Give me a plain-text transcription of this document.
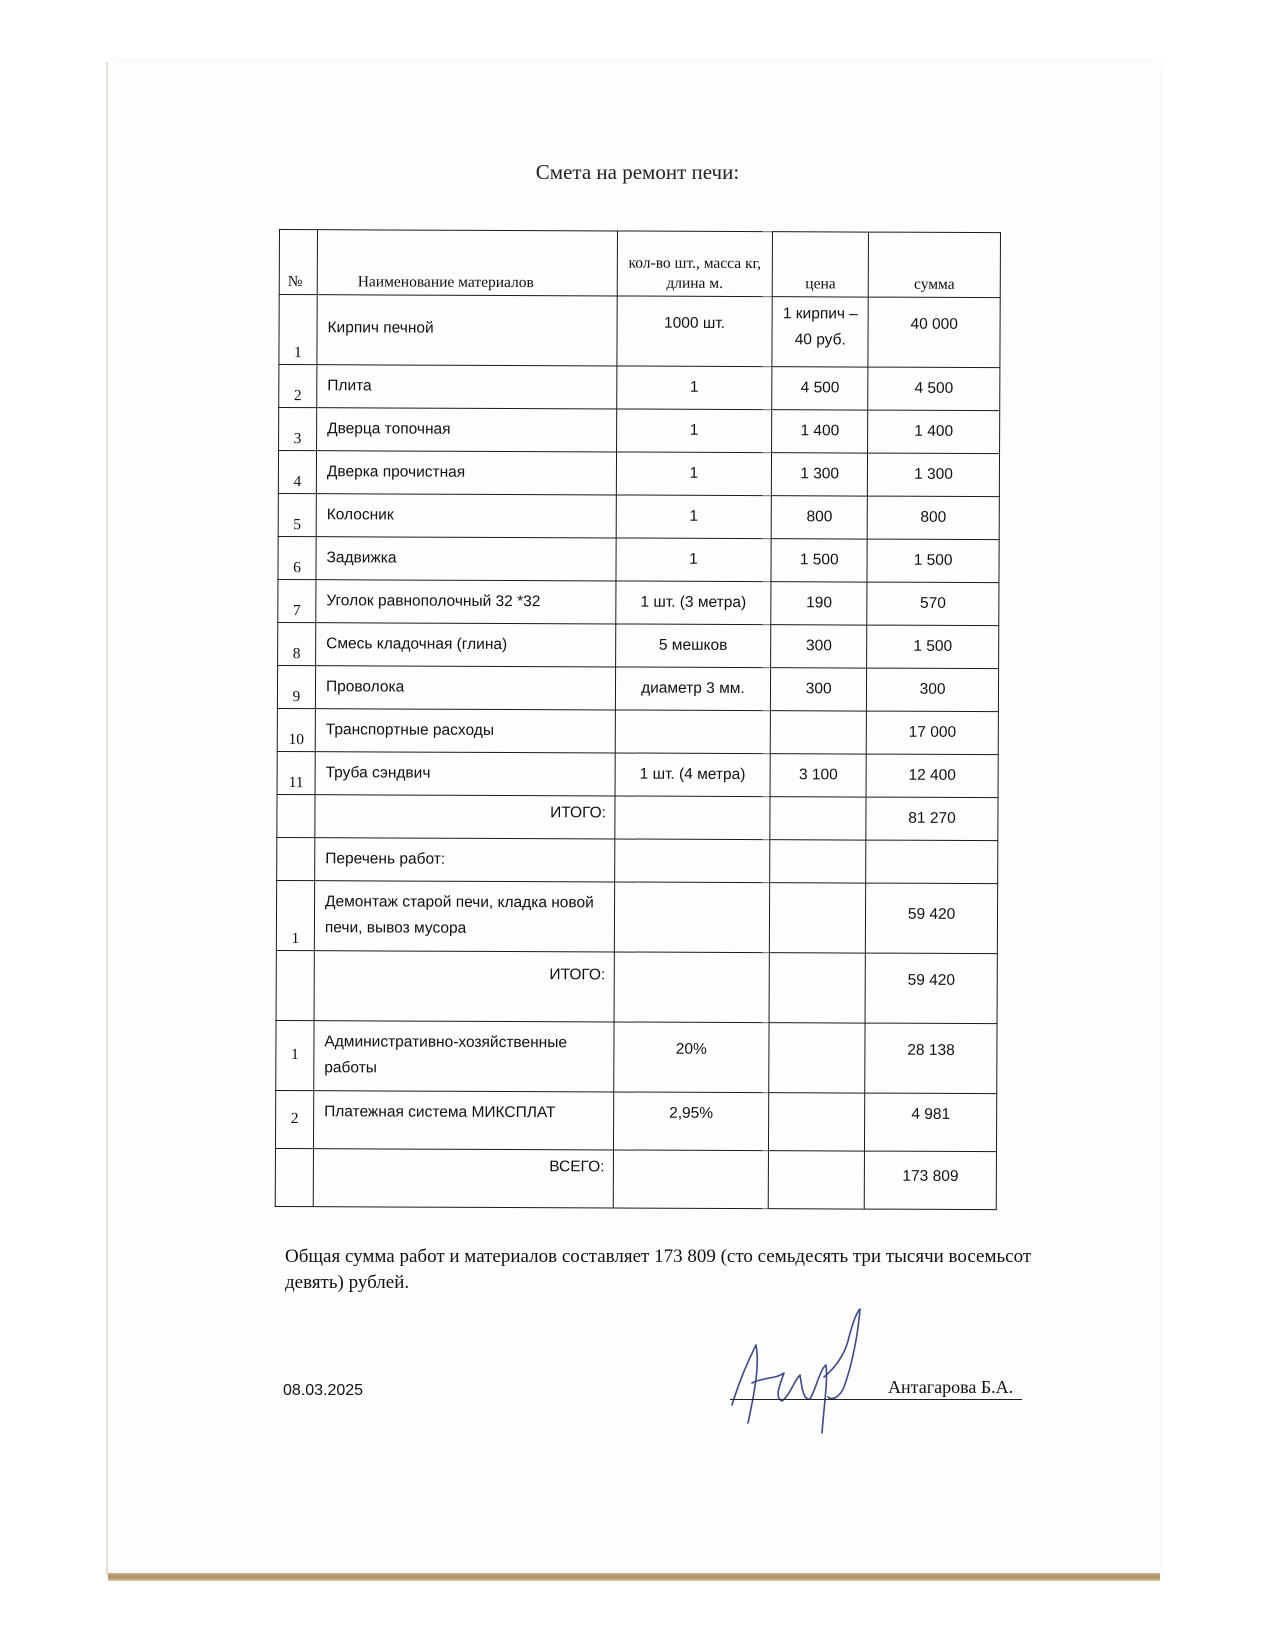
Смета на ремонт печи:
№	Наименование материалов	кол-во шт., масса кг, длина м.	цена	сумма

1	Кирпич печной	1000 шт.	1 кирпич – 40 руб.	40 000
2	Плита	1	4 500	4 500
3	Дверца топочная	1	1 400	1 400
4	Дверка прочистная	1	1 300	1 300
5	Колосник	1	800	800
6	Задвижка	1	1 500	1 500
7	Уголок равнополочный 32 *32	1 шт. (3 метра)	190	570
8	Смесь кладочная (глина)	5 мешков	300	1 500
9	Проволока	диаметр 3 мм.	300	300
10	Транспортные расходы			17 000
11	Труба сэндвич	1 шт. (4 метра)	3 100	12 400
	ИТОГО:			81 270
	Перечень работ:			
1	Демонтаж старой печи, кладка новой печи, вывоз мусора			59 420
	ИТОГО:			59 420
1	Административно-хозяйственные работы	20%		28 138
2	Платежная система МИКСПЛАТ	2,95%		4 981
	ВСЕГО:			173 809
Общая сумма работ и материалов составляет 173 809 (сто семьдесять три тысячи восемьсот девять) рублей.
08.03.2025	Антагарова Б.А.
